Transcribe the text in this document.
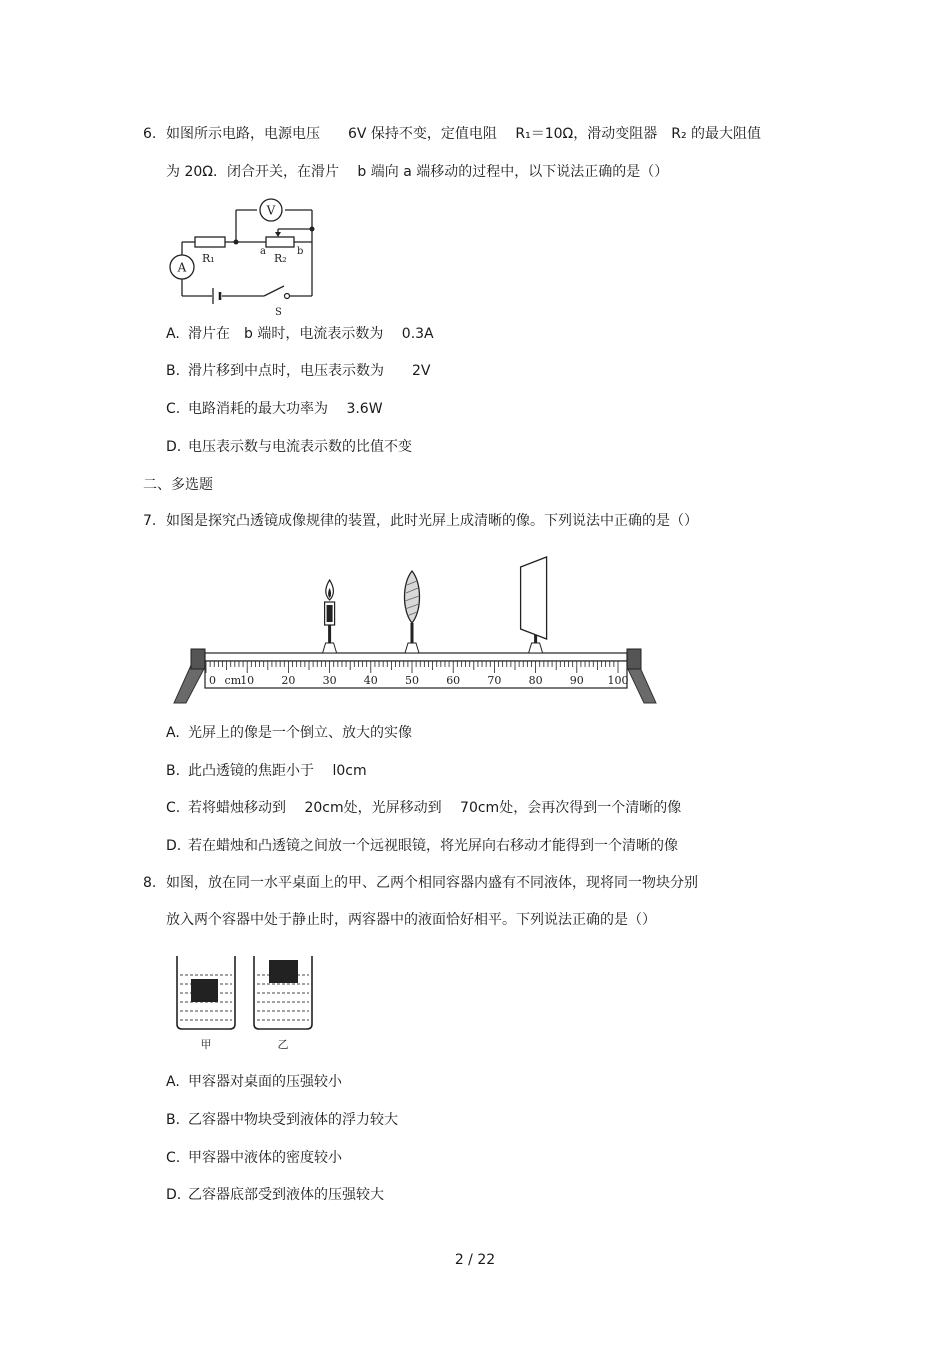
6. 如图所示电路，电源电压　　6V 保持不变，定值电阻　 R₁＝10Ω，滑动变阻器　R₂ 的最大阻值
为 20Ω．闭合开关，在滑片　 b 端向 a 端移动的过程中，以下说法正确的是（）
V
A
R₁	R₂
a	b
S
A. 滑片在　b 端时，电流表示数为　 0.3A
B. 滑片移到中点时，电压表示数为　　2V
C. 电路消耗的最大功率为　 3.6W
D. 电压表示数与电流表示数的比值不变
二、多选题
7. 如图是探究凸透镜成像规律的装置，此时光屏上成清晰的像。下列说法中正确的是（）
0 10 20 30 40 50 60 70 80 90 100
cm
A. 光屏上的像是一个倒立、放大的实像
B. 此凸透镜的焦距小于　 l0cm
C. 若将蜡烛移动到　 20cm处，光屏移动到　 70cm处，会再次得到一个清晰的像
D. 若在蜡烛和凸透镜之间放一个远视眼镜，将光屏向右移动才能得到一个清晰的像
8. 如图，放在同一水平桌面上的甲、乙两个相同容器内盛有不同液体，现将同一物块分别
放入两个容器中处于静止时，两容器中的液面恰好相平。下列说法正确的是（）
甲	乙
A. 甲容器对桌面的压强较小
B. 乙容器中物块受到液体的浮力较大
C. 甲容器中液体的密度较小
D. 乙容器底部受到液体的压强较大
2 / 22
